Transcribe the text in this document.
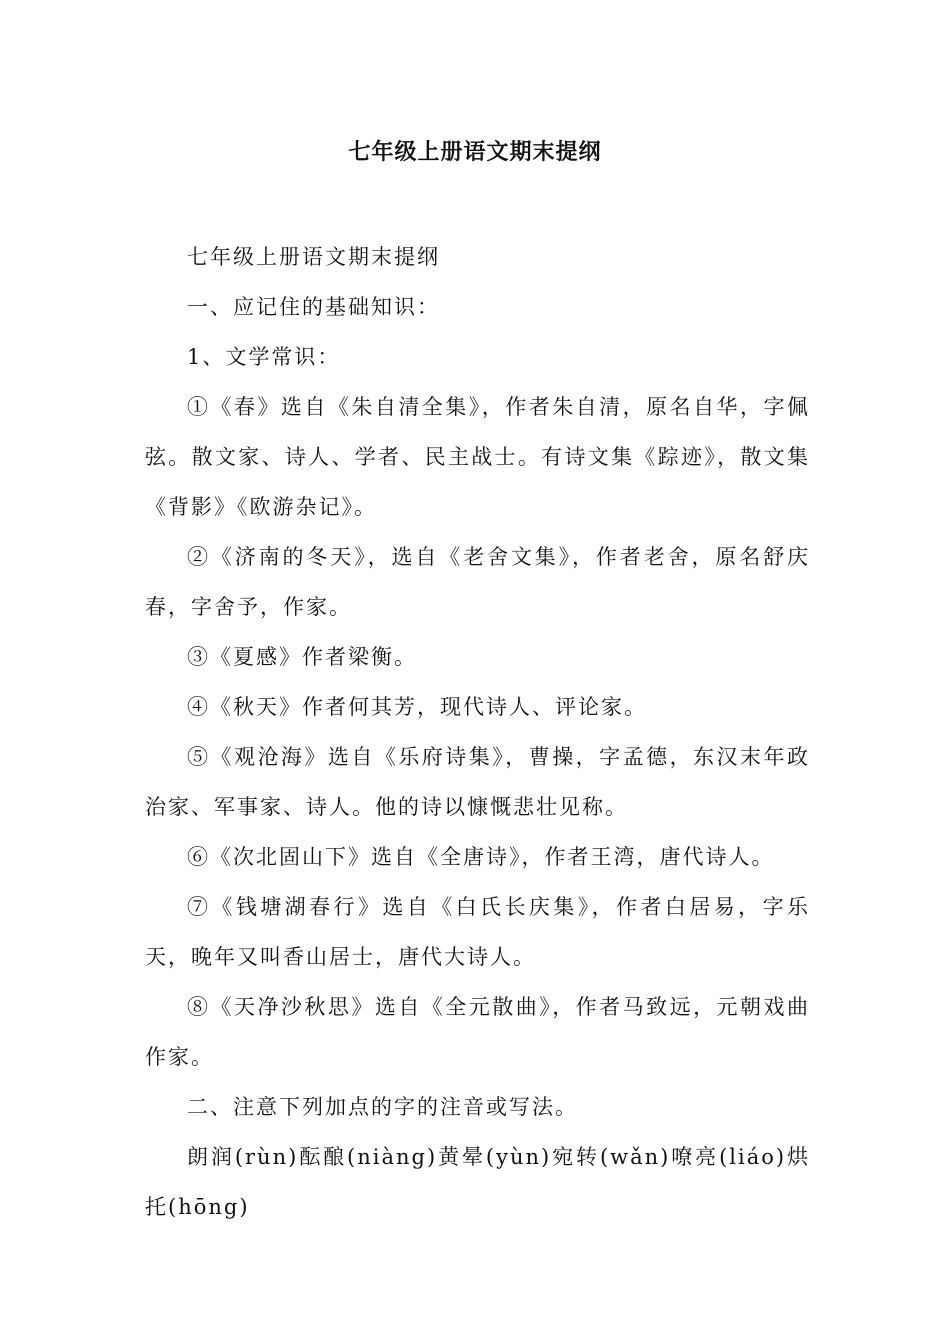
七年级上册语文期末提纲

七年级上册语文期末提纲

一、应记住的基础知识：

1、文学常识：

①《春》选自《朱自清全集》，作者朱自清，原名自华，字佩弦。散文家、诗人、学者、民主战士。有诗文集《踪迹》，散文集《背影》《欧游杂记》。

②《济南的冬天》，选自《老舍文集》，作者老舍，原名舒庆春，字舍予，作家。

③《夏感》作者梁衡。

④《秋天》作者何其芳，现代诗人、评论家。

⑤《观沧海》选自《乐府诗集》，曹操，字孟德，东汉末年政治家、军事家、诗人。他的诗以慷慨悲壮见称。

⑥《次北固山下》选自《全唐诗》，作者王湾，唐代诗人。

⑦《钱塘湖春行》选自《白氏长庆集》，作者白居易，字乐天，晚年又叫香山居士，唐代大诗人。

⑧《天净沙秋思》选自《全元散曲》，作者马致远，元朝戏曲作家。

二、注意下列加点的字的注音或写法。

朗润(rùn)酝酿(niàng)黄晕(yùn)宛转(wǎn)嘹亮(liáo)烘托(hōng)
